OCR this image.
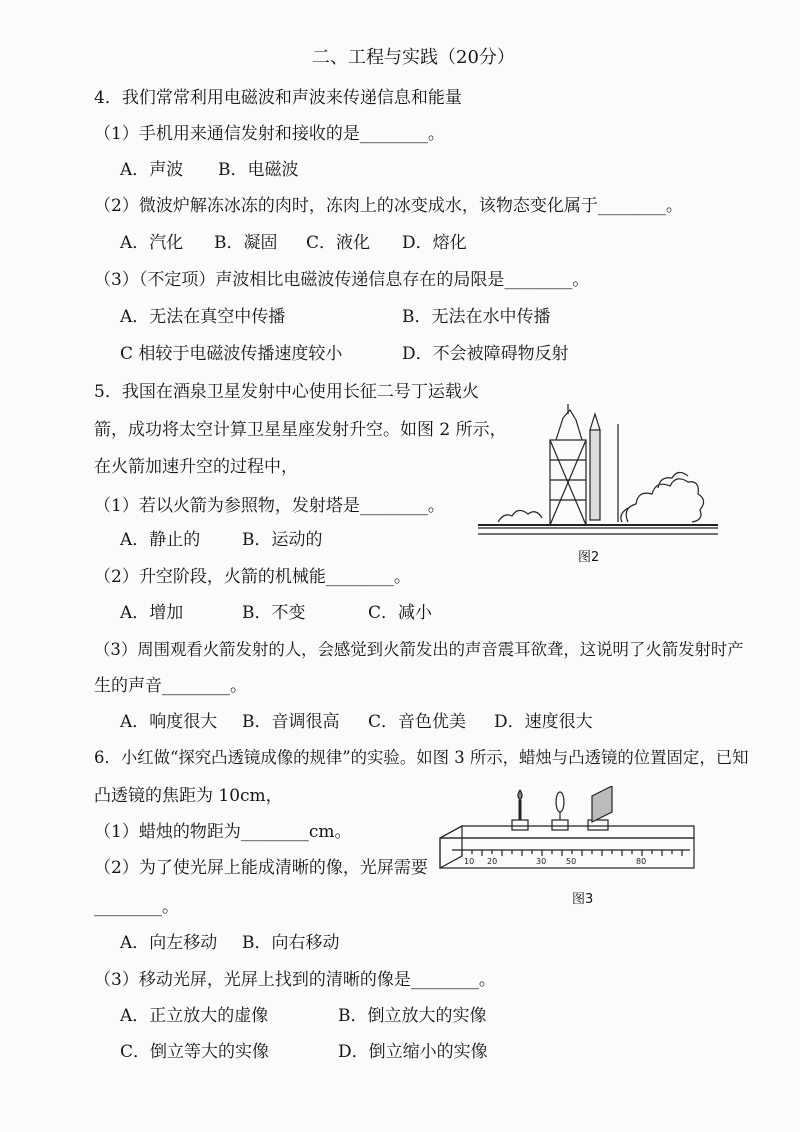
二、工程与实践（20分）
4．我们常常利用电磁波和声波来传递信息和能量
（1）手机用来通信发射和接收的是________。
A．声波 B．电磁波
（2）微波炉解冻冰冻的肉时，冻肉上的冰变成水，该物态变化属于________。
A．汽化 B．凝固 C．液化 D．熔化
（3）（不定项）声波相比电磁波传递信息存在的局限是________。
A．无法在真空中传播	B．无法在水中传播
C 相较于电磁波传播速度较小	D．不会被障碍物反射
5．我国在酒泉卫星发射中心使用长征二号丁运载火
箭，成功将太空计算卫星星座发射升空。如图 2 所示，
在火箭加速升空的过程中，
（1）若以火箭为参照物，发射塔是________。
A．静止的 B．运动的
（2）升空阶段，火箭的机械能________。
A．增加	B．不变	C．减小
（3）周围观看火箭发射的人，会感觉到火箭发出的声音震耳欲聋，这说明了火箭发射时产
生的声音________。
A．响度很大 B．音调很高 C．音色优美 D．速度很大
图2
6．小红做“探究凸透镜成像的规律”的实验。如图 3 所示，蜡烛与凸透镜的位置固定，已知
凸透镜的焦距为 10cm，
（1）蜡烛的物距为________cm。
（2）为了使光屏上能成清晰的像，光屏需要
________。
A．向左移动 B．向右移动
（3）移动光屏，光屏上找到的清晰的像是________。
A．正立放大的虚像	B．倒立放大的实像
C．倒立等大的实像	D．倒立缩小的实像
10 20	30 50	80
图3
